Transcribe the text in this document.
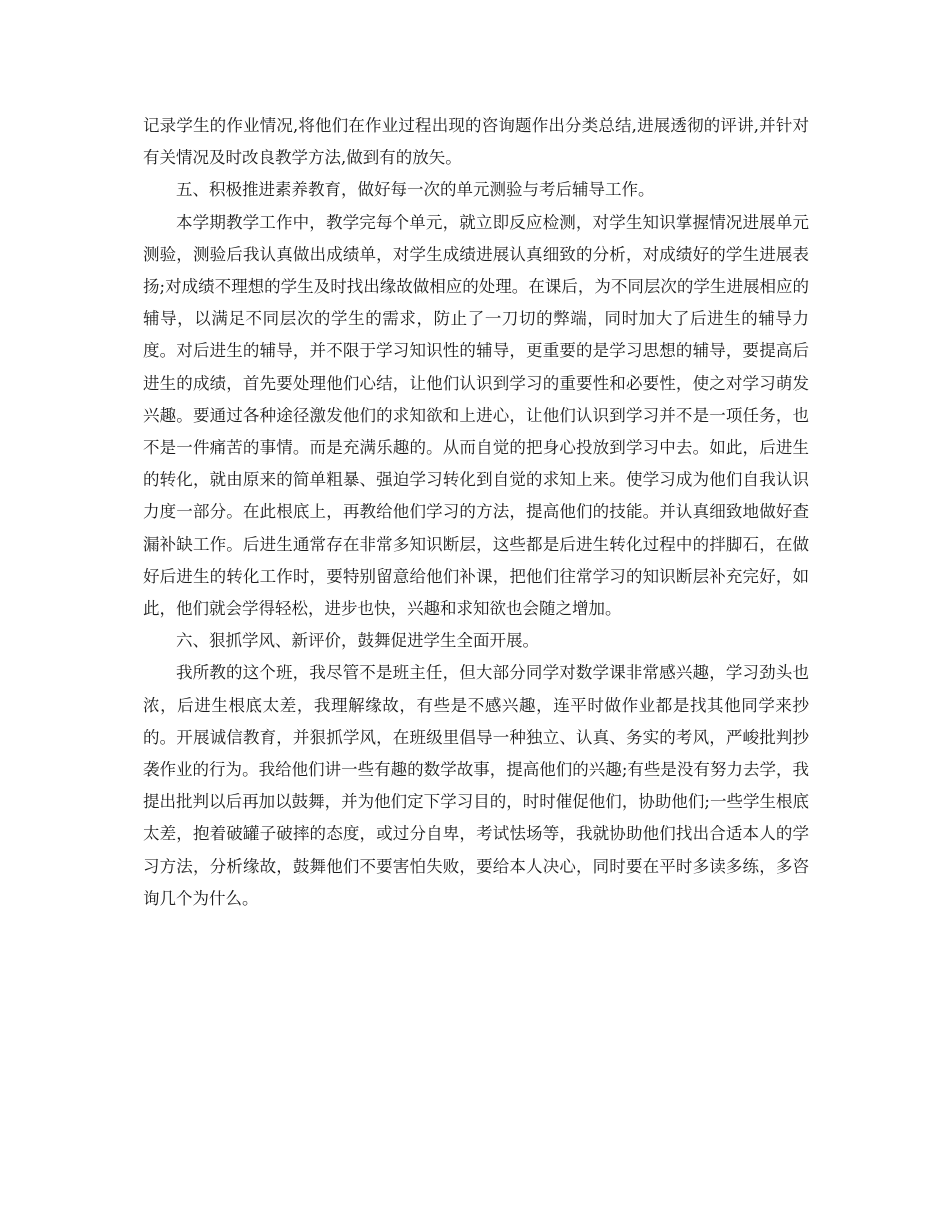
记录学生的作业情况,将他们在作业过程出现的咨询题作出分类总结,进展透彻的评讲,并针对有关情况及时改良教学方法,做到有的放矢。

五、积极推进素养教育，做好每一次的单元测验与考后辅导工作。

本学期教学工作中，教学完每个单元，就立即反应检测，对学生知识掌握情况进展单元测验，测验后我认真做出成绩单，对学生成绩进展认真细致的分析，对成绩好的学生进展表扬;对成绩不理想的学生及时找出缘故做相应的处理。在课后，为不同层次的学生进展相应的辅导，以满足不同层次的学生的需求，防止了一刀切的弊端，同时加大了后进生的辅导力度。对后进生的辅导，并不限于学习知识性的辅导，更重要的是学习思想的辅导，要提高后进生的成绩，首先要处理他们心结，让他们认识到学习的重要性和必要性，使之对学习萌发兴趣。要通过各种途径激发他们的求知欲和上进心，让他们认识到学习并不是一项任务，也不是一件痛苦的事情。而是充满乐趣的。从而自觉的把身心投放到学习中去。如此，后进生的转化，就由原来的简单粗暴、强迫学习转化到自觉的求知上来。使学习成为他们自我认识力度一部分。在此根底上，再教给他们学习的方法，提高他们的技能。并认真细致地做好查漏补缺工作。后进生通常存在非常多知识断层，这些都是后进生转化过程中的拌脚石，在做好后进生的转化工作时，要特别留意给他们补课，把他们往常学习的知识断层补充完好，如此，他们就会学得轻松，进步也快，兴趣和求知欲也会随之增加。

六、狠抓学风、新评价，鼓舞促进学生全面开展。

我所教的这个班，我尽管不是班主任，但大部分同学对数学课非常感兴趣，学习劲头也浓，后进生根底太差，我理解缘故，有些是不感兴趣，连平时做作业都是找其他同学来抄的。开展诚信教育，并狠抓学风，在班级里倡导一种独立、认真、务实的考风，严峻批判抄袭作业的行为。我给他们讲一些有趣的数学故事，提高他们的兴趣;有些是没有努力去学，我提出批判以后再加以鼓舞，并为他们定下学习目的，时时催促他们，协助他们;一些学生根底太差，抱着破罐子破摔的态度，或过分自卑，考试怯场等，我就协助他们找出合适本人的学习方法，分析缘故，鼓舞他们不要害怕失败，要给本人决心，同时要在平时多读多练，多咨询几个为什么。
